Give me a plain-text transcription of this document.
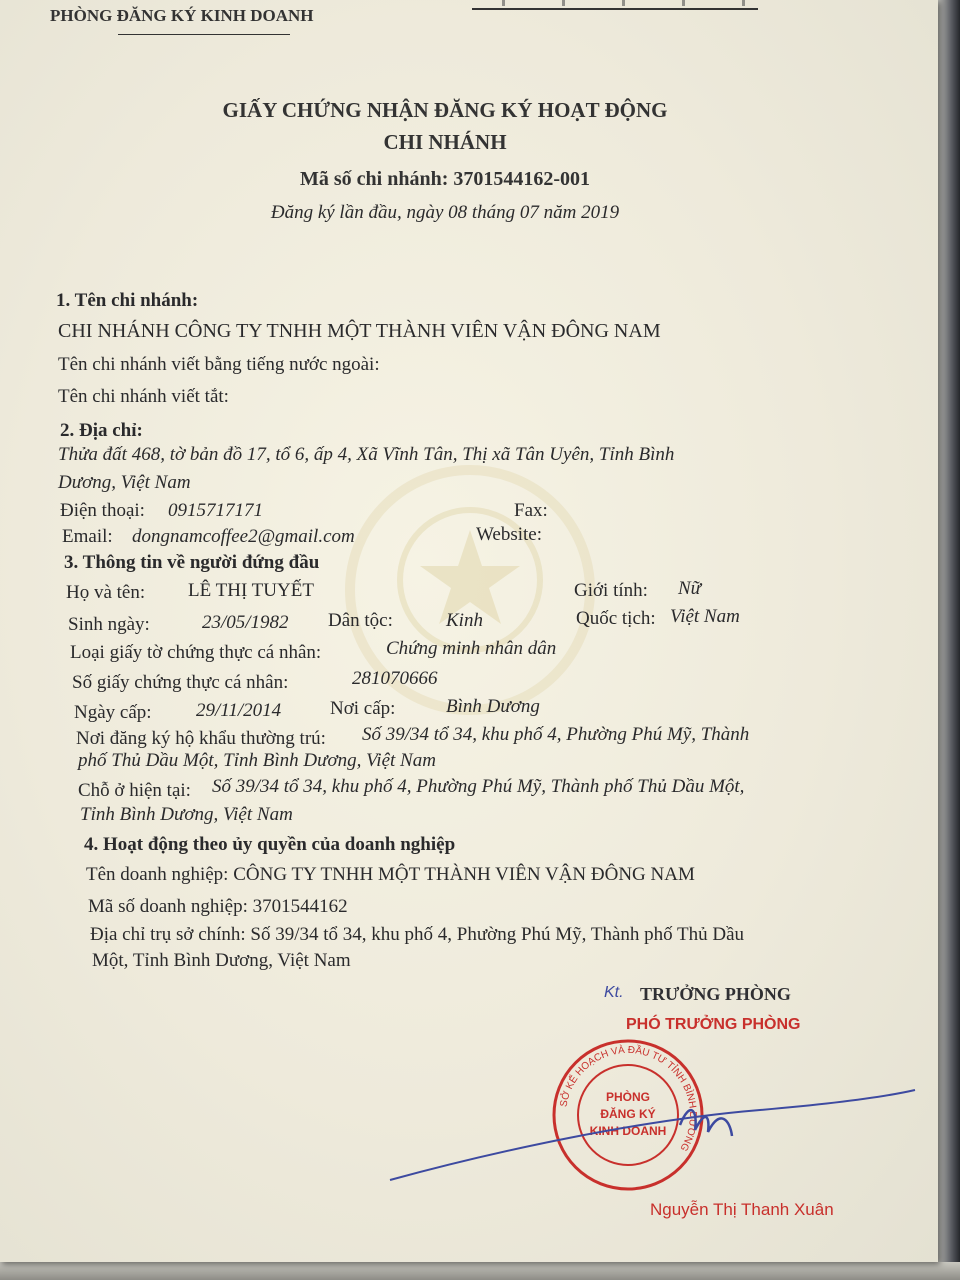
PHÒNG ĐĂNG KÝ KINH DOANH
GIẤY CHỨNG NHẬN ĐĂNG KÝ HOẠT ĐỘNG
CHI NHÁNH
Mã số chi nhánh: 3701544162-001
Đăng ký lần đầu, ngày 08 tháng 07 năm 2019
1. Tên chi nhánh:
CHI NHÁNH CÔNG TY TNHH MỘT THÀNH VIÊN VẬN ĐÔNG NAM
Tên chi nhánh viết bằng tiếng nước ngoài:
Tên chi nhánh viết tắt:
2. Địa chỉ:
Thửa đất 468, tờ bản đồ 17, tổ 6, ấp 4, Xã Vĩnh Tân, Thị xã Tân Uyên, Tỉnh Bình
Dương, Việt Nam
Điện thoại: 0915717171	Fax:
Email: dongnamcoffee2@gmail.com	Website:
3. Thông tin về người đứng đầu
Họ và tên: LÊ THỊ TUYẾT	Giới tính: Nữ
Sinh ngày:	23/05/1982 Dân tộc:	Kinh	Quốc tịch: Việt Nam
Loại giấy tờ chứng thực cá nhân:	Chứng minh nhân dân
Số giấy chứng thực cá nhân:	281070666
Ngày cấp: 29/11/2014	Nơi cấp:	Bình Dương
Nơi đăng ký hộ khẩu thường trú: Số 39/34 tổ 34, khu phố 4, Phường Phú Mỹ, Thành
phố Thủ Dầu Một, Tỉnh Bình Dương, Việt Nam
Chỗ ở hiện tại: Số 39/34 tổ 34, khu phố 4, Phường Phú Mỹ, Thành phố Thủ Dầu Một,
Tỉnh Bình Dương, Việt Nam
4. Hoạt động theo ủy quyền của doanh nghiệp
Tên doanh nghiệp: CÔNG TY TNHH MỘT THÀNH VIÊN VẬN ĐÔNG NAM
Mã số doanh nghiệp: 3701544162
Địa chỉ trụ sở chính: Số 39/34 tổ 34, khu phố 4, Phường Phú Mỹ, Thành phố Thủ Dầu
Một, Tỉnh Bình Dương, Việt Nam
Kt. TRƯỞNG PHÒNG
PHÓ TRƯỞNG PHÒNG
SỞ KẾ HOẠCH VÀ ĐẦU TƯ TỈNH BÌNH DƯƠNG
PHÒNG
ĐĂNG KÝ
KINH DOANH
Nguyễn Thị Thanh Xuân
